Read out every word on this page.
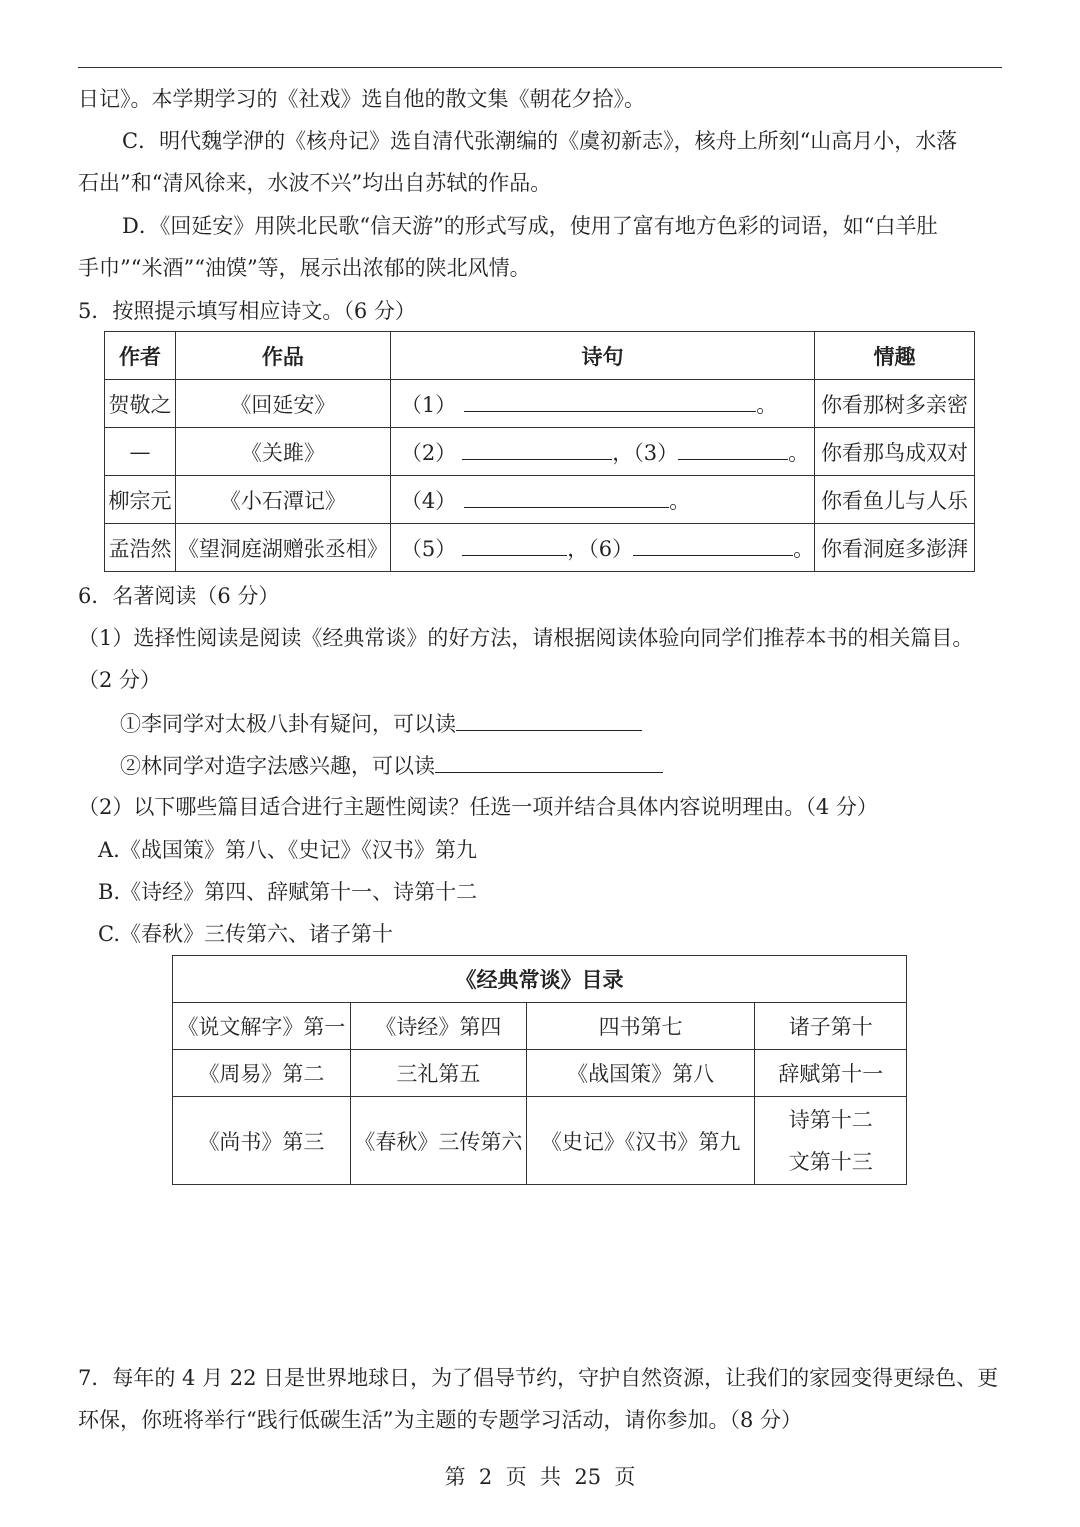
日记》。本学期学习的《社戏》选自他的散文集《朝花夕拾》。
C．明代魏学洢的《核舟记》选自清代张潮编的《虞初新志》，核舟上所刻“山高月小，水落
石出”和“清风徐来，水波不兴”均出自苏轼的作品。
D．《回延安》用陕北民歌“信天游”的形式写成，使用了富有地方色彩的词语，如“白羊肚
手巾”“米酒”“油馍”等，展示出浓郁的陕北风情。
5．按照提示填写相应诗文。（6 分）
作者	作品	诗句	情趣
贺敬之	《回延安》	（1） 。	你看那树多亲密
—	《关雎》	（2） ，（3） 。	你看那鸟成双对
柳宗元	《小石潭记》	（4） 。	你看鱼儿与人乐
孟浩然	《望洞庭湖赠张丞相》	（5） ，（6） 。	你看洞庭多澎湃
6．名著阅读（6 分）
（1）选择性阅读是阅读《经典常谈》的好方法，请根据阅读体验向同学们推荐本书的相关篇目。
（2 分）
①李同学对太极八卦有疑问，可以读
②林同学对造字法感兴趣，可以读
（2）以下哪些篇目适合进行主题性阅读？任选一项并结合具体内容说明理由。（4 分）
A.《战国策》第八、《史记》《汉书》第九
B.《诗经》第四、辞赋第十一、诗第十二
C.《春秋》三传第六、诸子第十
《经典常谈》目录			
《说文解字》第一	《诗经》第四	四书第七	诸子第十
《周易》第二	三礼第五	《战国策》第八	辞赋第十一
《尚书》第三	《春秋》三传第六	《史记》《汉书》第九	诗第十二
文第十三
7．每年的 4 月 22 日是世界地球日，为了倡导节约，守护自然资源，让我们的家园变得更绿色、更
环保，你班将举行“践行低碳生活”为主题的专题学习活动，请你参加。（8 分）
第  2  页  共  25  页
